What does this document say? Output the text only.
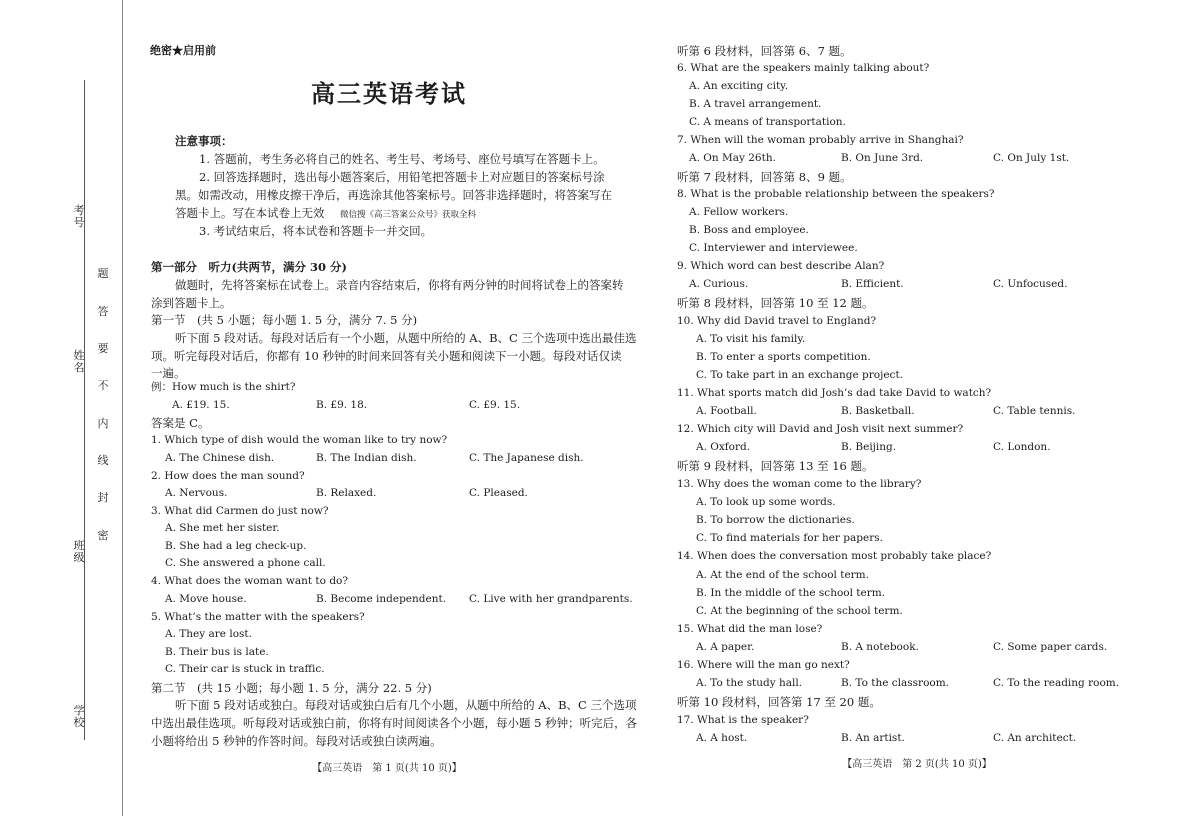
考号
姓名
班级
学校
题
答
要
不
内
线
封
密
绝密★启用前
高三英语考试
注意事项：
1. 答题前，考生务必将自己的姓名、考生号、考场号、座位号填写在答题卡上。
2. 回答选择题时，选出每小题答案后，用铅笔把答题卡上对应题目的答案标号涂
黑。如需改动，用橡皮擦干净后，再选涂其他答案标号。回答非选择题时，将答案写在
答题卡上。写在本试卷上无效 微信搜《高三答案公众号》获取全科
3. 考试结束后，将本试卷和答题卡一并交回。
第一部分　听力(共两节，满分 30 分)
做题时，先将答案标在试卷上。录音内容结束后，你将有两分钟的时间将试卷上的答案转
涂到答题卡上。
第一节　(共 5 小题；每小题 1. 5 分，满分 7. 5 分)
听下面 5 段对话。每段对话后有一个小题，从题中所给的 A、B、C 三个选项中选出最佳选
项。听完每段对话后，你都有 10 秒钟的时间来回答有关小题和阅读下一小题。每段对话仅读
一遍。
例：How much is the shirt?
A. £19. 15.	B. £9. 18.	C. £9. 15.
答案是 C。
1. Which type of dish would the woman like to try now?
A. The Chinese dish.	B. The Indian dish.	C. The Japanese dish.
2. How does the man sound?
A. Nervous.	B. Relaxed.	C. Pleased.
3. What did Carmen do just now?
A. She met her sister.
B. She had a leg check-up.
C. She answered a phone call.
4. What does the woman want to do?
A. Move house.	B. Become independent. C. Live with her grandparents.
5. What’s the matter with the speakers?
A. They are lost.
B. Their bus is late.
C. Their car is stuck in traffic.
第二节　(共 15 小题；每小题 1. 5 分，满分 22. 5 分)
听下面 5 段对话或独白。每段对话或独白后有几个小题，从题中所给的 A、B、C 三个选项
中选出最佳选项。听每段对话或独白前，你将有时间阅读各个小题，每小题 5 秒钟；听完后，各
小题将给出 5 秒钟的作答时间。每段对话或独白读两遍。
【高三英语　第 1 页(共 10 页)】
听第 6 段材料，回答第 6、7 题。
6. What are the speakers mainly talking about?
A. An exciting city.
B. A travel arrangement.
C. A means of transportation.
7. When will the woman probably arrive in Shanghai?
A. On May 26th.	B. On June 3rd.	C. On July 1st.
听第 7 段材料，回答第 8、9 题。
8. What is the probable relationship between the speakers?
A. Fellow workers.
B. Boss and employee.
C. Interviewer and interviewee.
9. Which word can best describe Alan?
A. Curious.	B. Efficient.	C. Unfocused.
听第 8 段材料，回答第 10 至 12 题。
10. Why did David travel to England?
A. To visit his family.
B. To enter a sports competition.
C. To take part in an exchange project.
11. What sports match did Josh’s dad take David to watch?
A. Football.	B. Basketball.	C. Table tennis.
12. Which city will David and Josh visit next summer?
A. Oxford.	B. Beijing.	C. London.
听第 9 段材料，回答第 13 至 16 题。
13. Why does the woman come to the library?
A. To look up some words.
B. To borrow the dictionaries.
C. To find materials for her papers.
14. When does the conversation most probably take place?
A. At the end of the school term.
B. In the middle of the school term.
C. At the beginning of the school term.
15. What did the man lose?
A. A paper.	B. A notebook.	C. Some paper cards.
16. Where will the man go next?
A. To the study hall.	B. To the classroom.	C. To the reading room.
听第 10 段材料，回答第 17 至 20 题。
17. What is the speaker?
A. A host.	B. An artist.	C. An architect.
【高三英语　第 2 页(共 10 页)】
